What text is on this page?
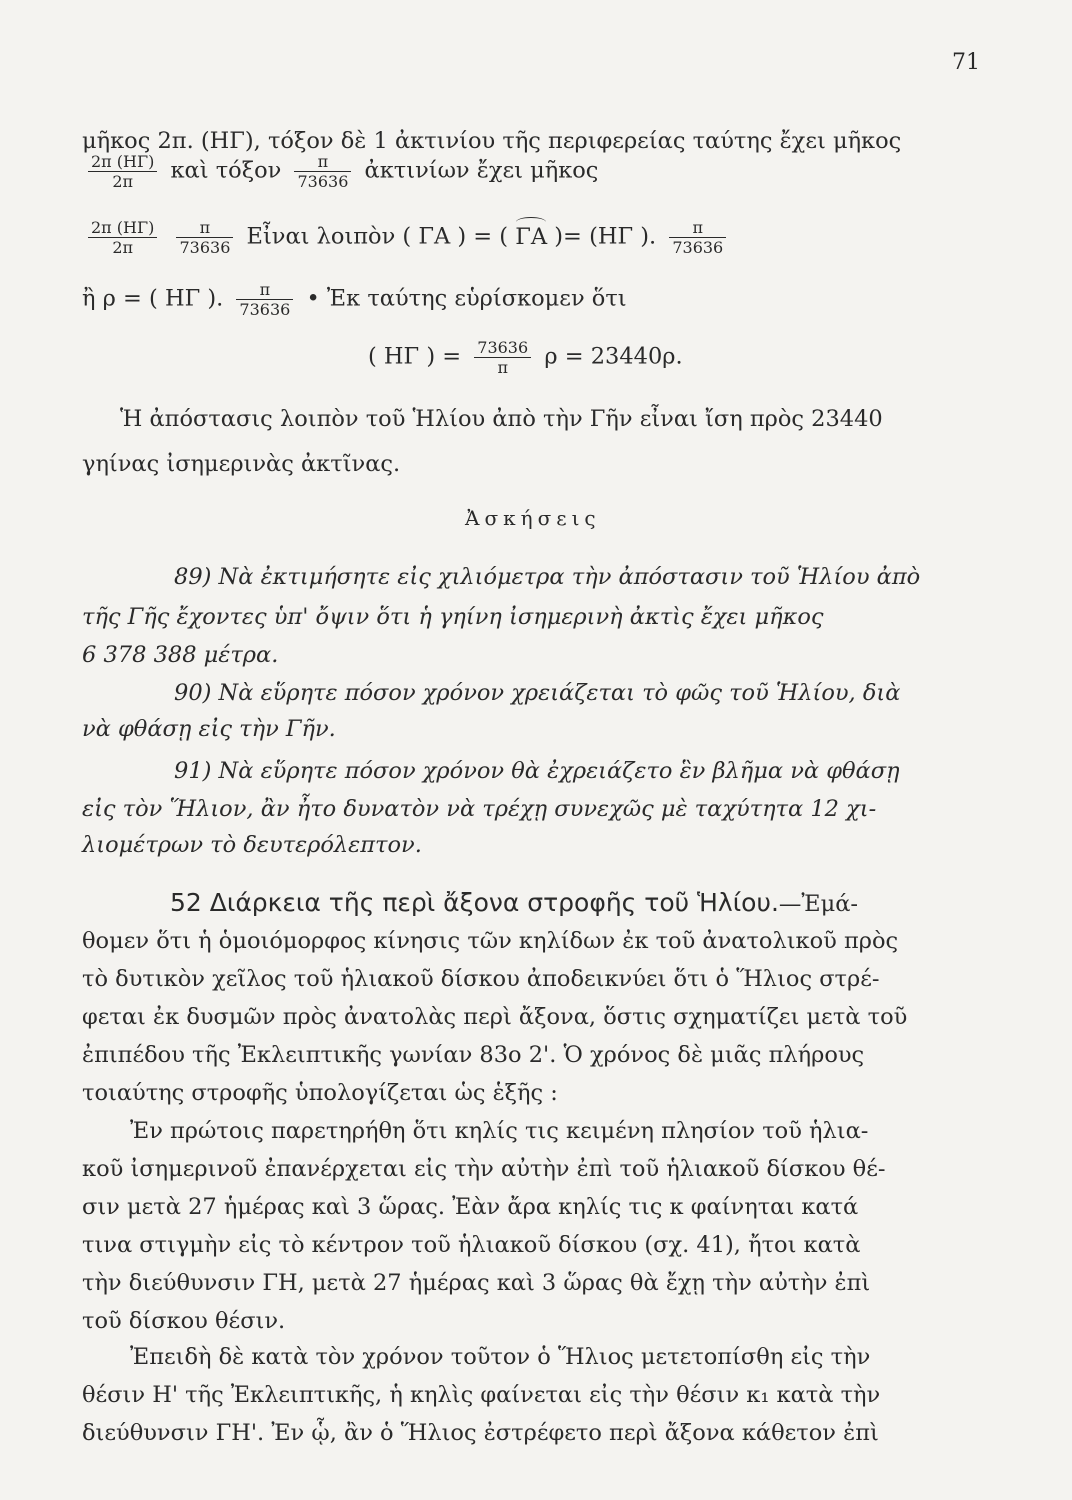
71
μῆκος 2π. (ΗΓ), τόξον δὲ 1 ἀκτινίου τῆς περιφερείας ταύτης ἔχει μῆκος
$\frac{2\pi (H\Gamma)}{2\pi}$ καὶ τόξον $\frac{\pi}{73636}$ ἀκτινίων ἔχει μῆκος
$\frac{2\pi (H\Gamma)}{2\pi}$
$\frac{\pi}{73636}$ Εἶναι λοιπὸν ( ΓΑ ) = ( ΓΑ )= (ΗΓ ). $\frac{\pi}{73636}$
ἢ ρ = ( ΗΓ ). $\frac{\pi}{73636}$ • Ἐκ ταύτης εὑρίσκομεν ὅτι
( ΗΓ ) = $\frac{73636}{\pi}$ ρ = 23440ρ.
Ἡ ἀπόστασις λοιπὸν τοῦ Ἡλίου ἀπὸ τὴν Γῆν εἶναι ἴση πρὸς 23440
γηίνας ἰσημερινὰς ἀκτῖνας.
Ἀσκήσεις
89) Νὰ ἐκτιμήσητε εἰς χιλιόμετρα τὴν ἀπόστασιν τοῦ Ἡλίου ἀπὸ
τῆς Γῆς ἔχοντες ὑπ' ὄψιν ὅτι ἡ γηίνη ἰσημερινὴ ἀκτὶς ἔχει μῆκος
6 378 388 μέτρα.
90) Νὰ εὕρητε πόσον χρόνον χρειάζεται τὸ φῶς τοῦ Ἡλίου, διὰ
νὰ φθάσῃ εἰς τὴν Γῆν.
91) Νὰ εὕρητε πόσον χρόνον θὰ ἐχρειάζετο ἓν βλῆμα νὰ φθάσῃ
εἰς τὸν Ἥλιον, ἂν ἦτο δυνατὸν νὰ τρέχῃ συνεχῶς μὲ ταχύτητα 12 χι-
λιομέτρων τὸ δευτερόλεπτον.
52 Διάρκεια τῆς περὶ ἄξονα στροφῆς τοῦ Ἡλίου.—Ἐμά-
θομεν ὅτι ἡ ὁμοιόμορφος κίνησις τῶν κηλίδων ἐκ τοῦ ἀνατολικοῦ πρὸς
τὸ δυτικὸν χεῖλος τοῦ ἡλιακοῦ δίσκου ἀποδεικνύει ὅτι ὁ Ἥλιος στρέ-
φεται ἐκ δυσμῶν πρὸς ἀνατολὰς περὶ ἄξονα, ὅστις σχηματίζει μετὰ τοῦ
ἐπιπέδου τῆς Ἐκλειπτικῆς γωνίαν 83ο 2'. Ὁ χρόνος δὲ μιᾶς πλήρους
τοιαύτης στροφῆς ὑπολογίζεται ὡς ἑξῆς :
Ἐν πρώτοις παρετηρήθη ὅτι κηλίς τις κειμένη πλησίον τοῦ ἡλια-
κοῦ ἰσημερινοῦ ἐπανέρχεται εἰς τὴν αὐτὴν ἐπὶ τοῦ ἡλιακοῦ δίσκου θέ-
σιν μετὰ 27 ἡμέρας καὶ 3 ὥρας. Ἐὰν ἄρα κηλίς τις κ φαίνηται κατά
τινα στιγμὴν εἰς τὸ κέντρον τοῦ ἡλιακοῦ δίσκου (σχ. 41), ἤτοι κατὰ
τὴν διεύθυνσιν ΓΗ, μετὰ 27 ἡμέρας καὶ 3 ὥρας θὰ ἔχῃ τὴν αὐτὴν ἐπὶ
τοῦ δίσκου θέσιν.
Ἐπειδὴ δὲ κατὰ τὸν χρόνον τοῦτον ὁ Ἥλιος μετετοπίσθη εἰς τὴν
θέσιν Η' τῆς Ἐκλειπτικῆς, ἡ κηλὶς φαίνεται εἰς τὴν θέσιν κ₁ κατὰ τὴν
διεύθυνσιν ΓΗ'. Ἐν ᾧ, ἂν ὁ Ἥλιος ἐστρέφετο περὶ ἄξονα κάθετον ἐπὶ
